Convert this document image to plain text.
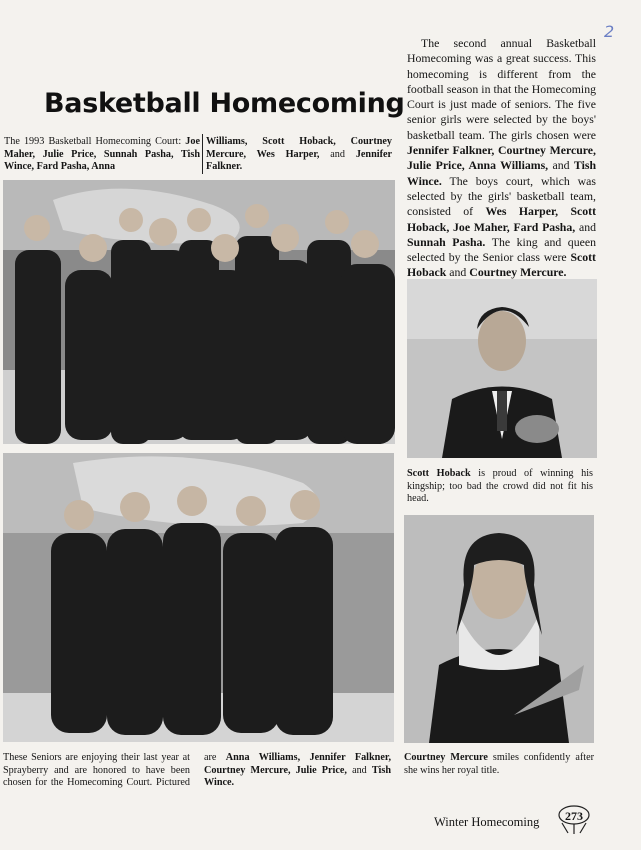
2
Basketball Homecoming
The 1993 Basketball Homecoming Court: Joe Maher, Julie Price, Sunnah Pasha, Tish Wince, Fard Pasha, Anna
Williams, Scott Hoback, Courtney Mercure, Wes Harper, and Jennifer Falkner.
The second annual Basketball Homecoming was a great success. This homecoming is different from the football season in that the Homecoming Court is just made of seniors. The five senior girls were selected by the boys' basketball team. The girls chosen were Jennifer Falkner, Courtney Mercure, Julie Price, Anna Williams, and Tish Wince. The boys court, which was selected by the girls' basketball team, consisted of Wes Harper, Scott Hoback, Joe Maher, Fard Pasha, and Sunnah Pasha. The king and queen selected by the Senior class were Scott Hoback and Courtney Mercure.
Scott Hoback is proud of winning his kingship; too bad the crowd did not fit his head.
These Seniors are enjoying their last year at Sprayberry and are honored to have been chosen for the Homecoming Court. Pictured are Anna Williams, Jennifer Falkner, Courtney Mercure, Julie Price, and Tish Wince.
Courtney Mercure smiles confidently after she wins her royal title.
Winter Homecoming	273
